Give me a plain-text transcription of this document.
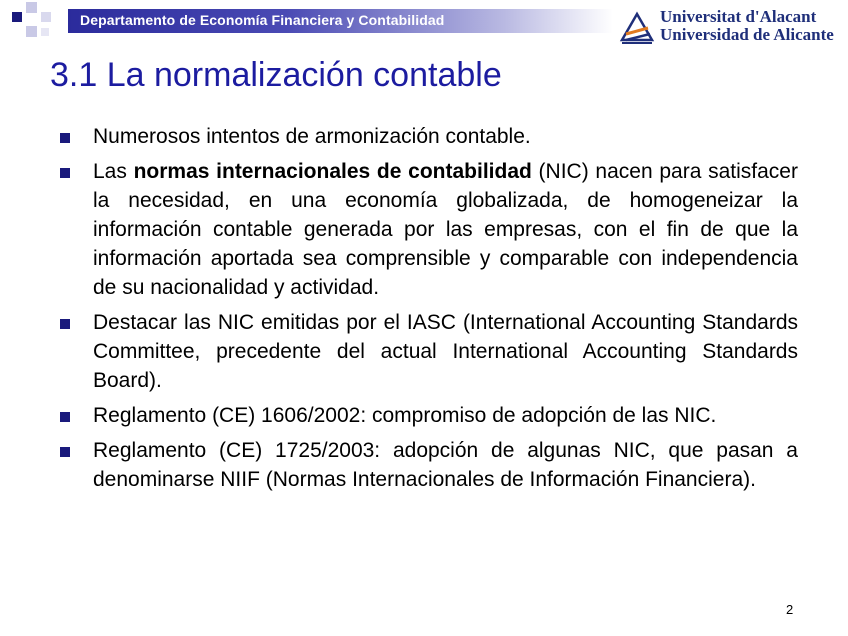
Departamento de Economía Financiera y Contabilidad	Universitat d'Alacant
Universidad de Alicante
3.1 La normalización contable
Numerosos intentos de armonización contable.
Las normas internacionales de contabilidad (NIC) nacen para satisfacer la necesidad, en una economía globalizada, de homogeneizar la información contable generada por las empresas, con el fin de que la información aportada sea comprensible y comparable con independencia de su nacionalidad y actividad.
Destacar las NIC emitidas por el IASC (International Accounting Standards Committee, precedente del actual International Accounting Standards Board).
Reglamento (CE) 1606/2002: compromiso de adopción de las NIC.
Reglamento (CE) 1725/2003: adopción de algunas NIC, que pasan a denominarse NIIF (Normas Internacionales de Información Financiera).
2
